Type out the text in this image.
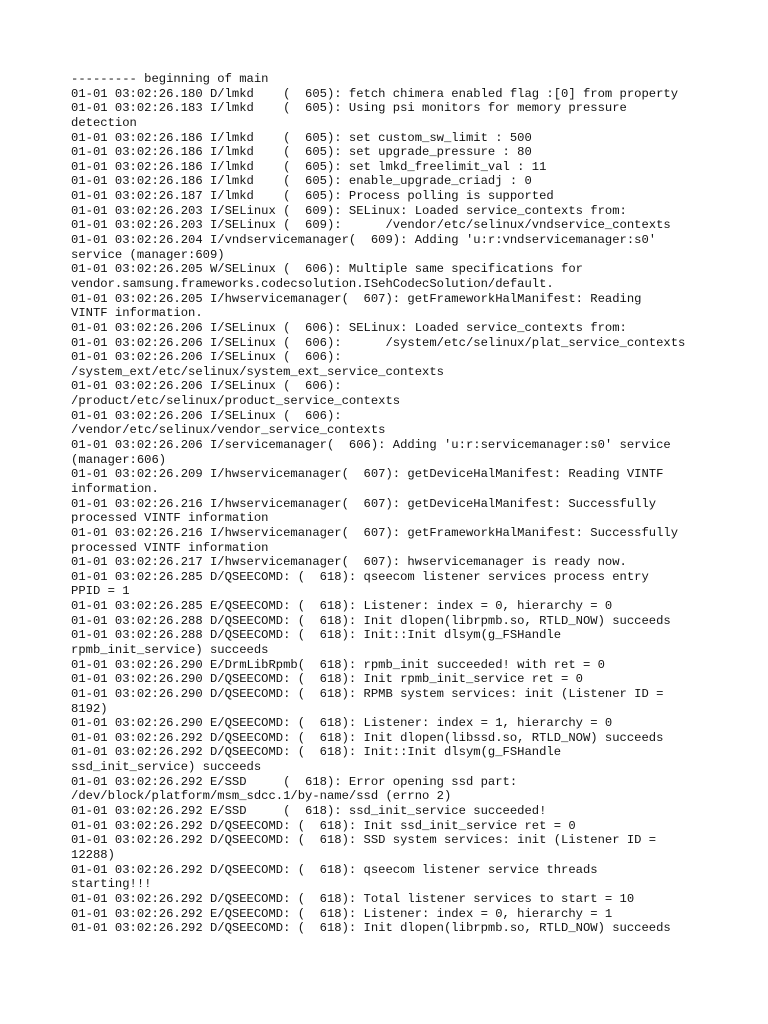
--------- beginning of main
01-01 03:02:26.180 D/lmkd    (  605): fetch chimera enabled flag :[0] from property
01-01 03:02:26.183 I/lmkd    (  605): Using psi monitors for memory pressure
detection
01-01 03:02:26.186 I/lmkd    (  605): set custom_sw_limit : 500
01-01 03:02:26.186 I/lmkd    (  605): set upgrade_pressure : 80
01-01 03:02:26.186 I/lmkd    (  605): set lmkd_freelimit_val : 11
01-01 03:02:26.186 I/lmkd    (  605): enable_upgrade_criadj : 0
01-01 03:02:26.187 I/lmkd    (  605): Process polling is supported
01-01 03:02:26.203 I/SELinux (  609): SELinux: Loaded service_contexts from:
01-01 03:02:26.203 I/SELinux (  609):      /vendor/etc/selinux/vndservice_contexts
01-01 03:02:26.204 I/vndservicemanager(  609): Adding 'u:r:vndservicemanager:s0'
service (manager:609)
01-01 03:02:26.205 W/SELinux (  606): Multiple same specifications for
vendor.samsung.frameworks.codecsolution.ISehCodecSolution/default.
01-01 03:02:26.205 I/hwservicemanager(  607): getFrameworkHalManifest: Reading
VINTF information.
01-01 03:02:26.206 I/SELinux (  606): SELinux: Loaded service_contexts from:
01-01 03:02:26.206 I/SELinux (  606):      /system/etc/selinux/plat_service_contexts
01-01 03:02:26.206 I/SELinux (  606):
/system_ext/etc/selinux/system_ext_service_contexts
01-01 03:02:26.206 I/SELinux (  606):
/product/etc/selinux/product_service_contexts
01-01 03:02:26.206 I/SELinux (  606):
/vendor/etc/selinux/vendor_service_contexts
01-01 03:02:26.206 I/servicemanager(  606): Adding 'u:r:servicemanager:s0' service
(manager:606)
01-01 03:02:26.209 I/hwservicemanager(  607): getDeviceHalManifest: Reading VINTF
information.
01-01 03:02:26.216 I/hwservicemanager(  607): getDeviceHalManifest: Successfully
processed VINTF information
01-01 03:02:26.216 I/hwservicemanager(  607): getFrameworkHalManifest: Successfully
processed VINTF information
01-01 03:02:26.217 I/hwservicemanager(  607): hwservicemanager is ready now.
01-01 03:02:26.285 D/QSEECOMD: (  618): qseecom listener services process entry
PPID = 1
01-01 03:02:26.285 E/QSEECOMD: (  618): Listener: index = 0, hierarchy = 0
01-01 03:02:26.288 D/QSEECOMD: (  618): Init dlopen(librpmb.so, RTLD_NOW) succeeds
01-01 03:02:26.288 D/QSEECOMD: (  618): Init::Init dlsym(g_FSHandle
rpmb_init_service) succeeds
01-01 03:02:26.290 E/DrmLibRpmb(  618): rpmb_init succeeded! with ret = 0
01-01 03:02:26.290 D/QSEECOMD: (  618): Init rpmb_init_service ret = 0
01-01 03:02:26.290 D/QSEECOMD: (  618): RPMB system services: init (Listener ID =
8192)
01-01 03:02:26.290 E/QSEECOMD: (  618): Listener: index = 1, hierarchy = 0
01-01 03:02:26.292 D/QSEECOMD: (  618): Init dlopen(libssd.so, RTLD_NOW) succeeds
01-01 03:02:26.292 D/QSEECOMD: (  618): Init::Init dlsym(g_FSHandle
ssd_init_service) succeeds
01-01 03:02:26.292 E/SSD     (  618): Error opening ssd part:
/dev/block/platform/msm_sdcc.1/by-name/ssd (errno 2)
01-01 03:02:26.292 E/SSD     (  618): ssd_init_service succeeded!
01-01 03:02:26.292 D/QSEECOMD: (  618): Init ssd_init_service ret = 0
01-01 03:02:26.292 D/QSEECOMD: (  618): SSD system services: init (Listener ID =
12288)
01-01 03:02:26.292 D/QSEECOMD: (  618): qseecom listener service threads
starting!!!
01-01 03:02:26.292 D/QSEECOMD: (  618): Total listener services to start = 10
01-01 03:02:26.292 E/QSEECOMD: (  618): Listener: index = 0, hierarchy = 1
01-01 03:02:26.292 D/QSEECOMD: (  618): Init dlopen(librpmb.so, RTLD_NOW) succeeds
